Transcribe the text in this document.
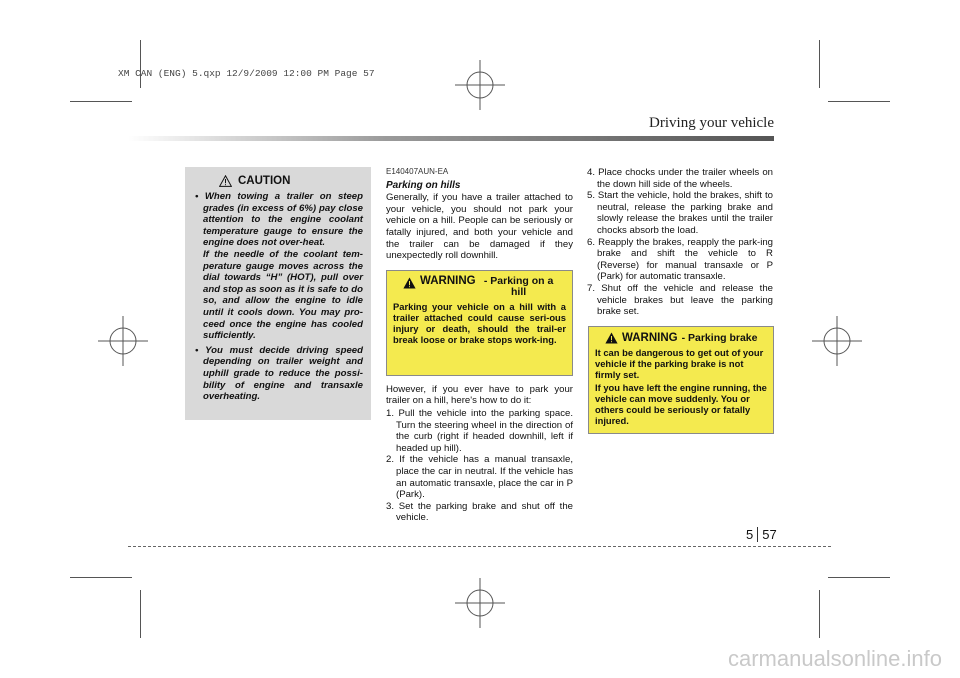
XM CAN (ENG) 5.qxp 12/9/2009 12:00 PM Page 57
Driving your vehicle
CAUTION
• When towing a trailer on steep grades (in excess of 6%) pay close attention to the engine coolant temperature gauge to ensure the engine does not over-heat.

If the needle of the coolant tem-perature gauge moves across the dial towards “H” (HOT), pull over and stop as soon as it is safe to do so, and allow the engine to idle until it cools down. You may pro-ceed once the engine has cooled sufficiently.

• You must decide driving speed depending on trailer weight and uphill grade to reduce the possi-bility of engine and transaxle overheating.
E140407AUN-EA
Parking on hills

Generally, if you have a trailer attached to your vehicle, you should not park your vehicle on a hill. People can be seriously or fatally injured, and both your vehicle and the trailer can be damaged if they unexpectedly roll downhill.

WARNING - Parking on a hill

Parking your vehicle on a hill with a trailer attached could cause seri-ous injury or death, should the trail-er break loose or brake stops work-ing.

However, if you ever have to park your trailer on a hill, here's how to do it:

1. Pull the vehicle into the parking space. Turn the steering wheel in the direction of the curb (right if headed downhill, left if headed up hill).
2. If the vehicle has a manual transaxle, place the car in neutral. If the vehicle has an automatic transaxle, place the car in P (Park).
3. Set the parking brake and shut off the vehicle.
4. Place chocks under the trailer wheels on the down hill side of the wheels.
5. Start the vehicle, hold the brakes, shift to neutral, release the parking brake and slowly release the brakes until the trailer chocks absorb the load.
6. Reapply the brakes, reapply the park-ing brake and shift the vehicle to R (Reverse) for manual transaxle or P (Park) for automatic transaxle.
7. Shut off the vehicle and release the vehicle brakes but leave the parking brake set.
WARNING - Parking brake

It can be dangerous to get out of your vehicle if the parking brake is not firmly set.

If you have left the engine running, the vehicle can move suddenly. You or others could be seriously or fatally injured.

5 57
carmanualsonline.info
